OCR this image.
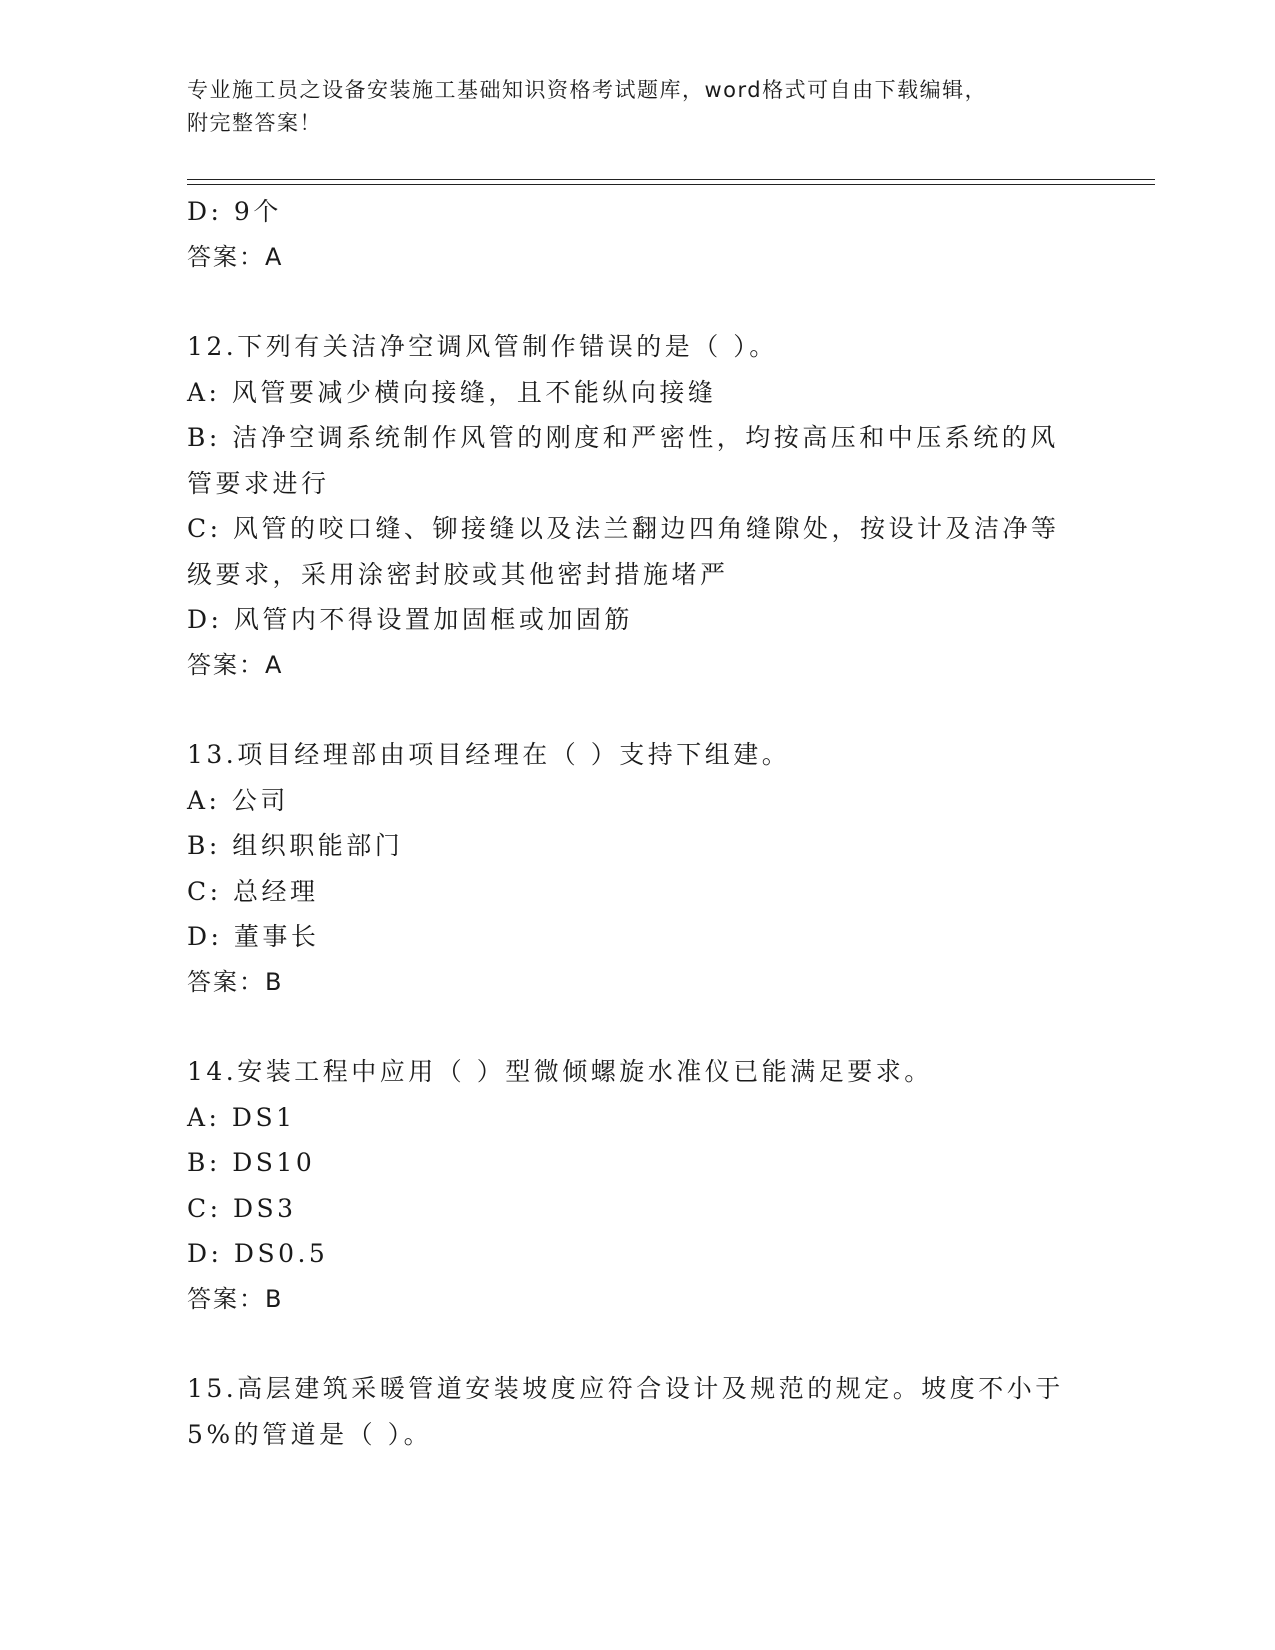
专业施工员之设备安装施工基础知识资格考试题库，word格式可自由下载编辑，
附完整答案！
D: 9个
答案：A
12.下列有关洁净空调风管制作错误的是（ ）。
A: 风管要减少横向接缝，且不能纵向接缝
B: 洁净空调系统制作风管的刚度和严密性，均按高压和中压系统的风管要求进行
C: 风管的咬口缝、铆接缝以及法兰翻边四角缝隙处，按设计及洁净等级要求，采用涂密封胶或其他密封措施堵严
D: 风管内不得设置加固框或加固筋
答案：A
13.项目经理部由项目经理在（ ）支持下组建。
A: 公司
B: 组织职能部门
C: 总经理
D: 董事长
答案：B
14.安装工程中应用（ ）型微倾螺旋水准仪已能满足要求。
A: DS1
B: DS10
C: DS3
D: DS0.5
答案：B
15.高层建筑采暖管道安装坡度应符合设计及规范的规定。坡度不小于5%的管道是（ ）。
